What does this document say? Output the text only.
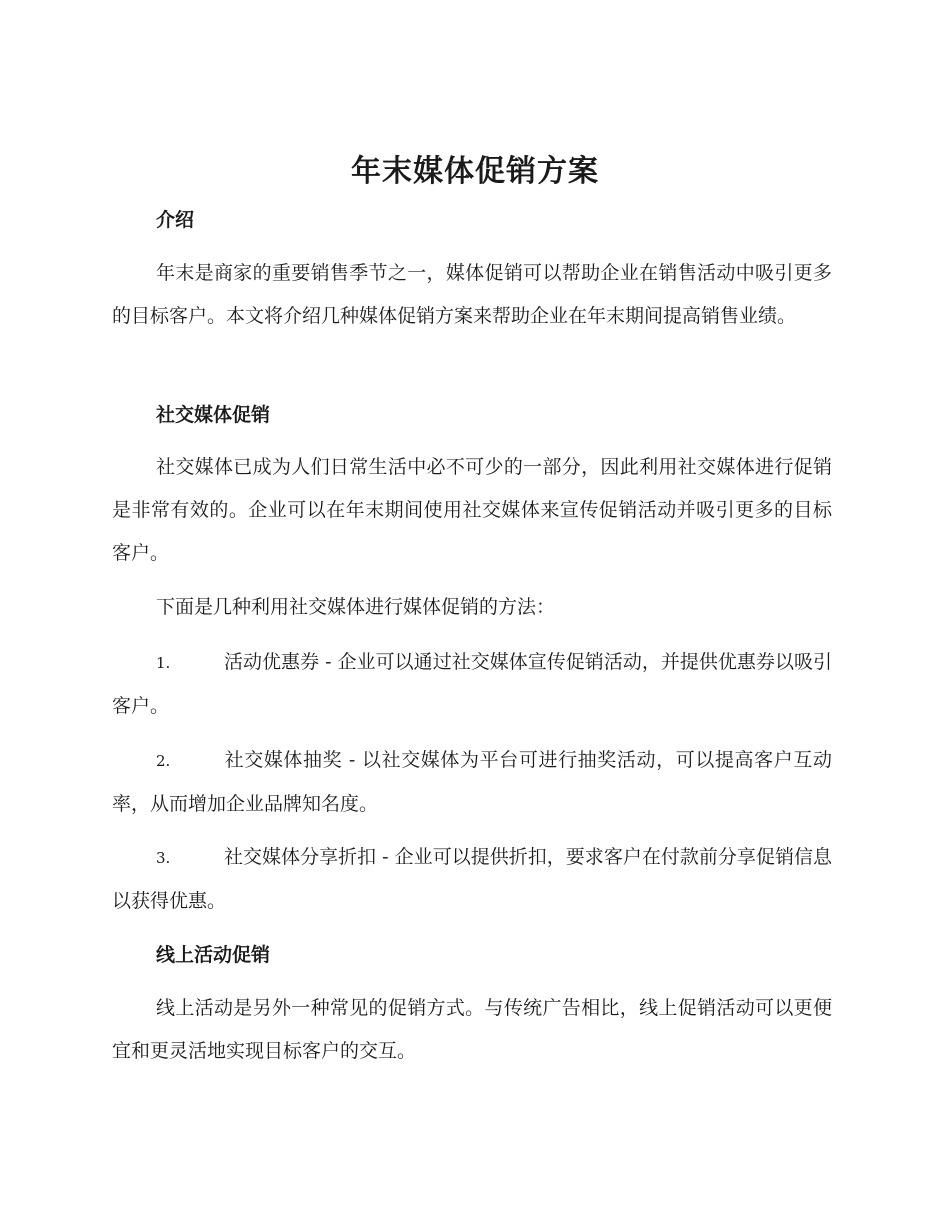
年末媒体促销方案
介绍

年末是商家的重要销售季节之一，媒体促销可以帮助企业在销售活动中吸引更多的目标客户。本文将介绍几种媒体促销方案来帮助企业在年末期间提高销售业绩。

社交媒体促销

社交媒体已成为人们日常生活中必不可少的一部分，因此利用社交媒体进行促销是非常有效的。企业可以在年末期间使用社交媒体来宣传促销活动并吸引更多的目标客户。

下面是几种利用社交媒体进行媒体促销的方法：

1.	活动优惠券 - 企业可以通过社交媒体宣传促销活动，并提供优惠券以吸引客户。

2.	社交媒体抽奖 - 以社交媒体为平台可进行抽奖活动，可以提高客户互动率，从而增加企业品牌知名度。

3.	社交媒体分享折扣 - 企业可以提供折扣，要求客户在付款前分享促销信息以获得优惠。

线上活动促销

线上活动是另外一种常见的促销方式。与传统广告相比，线上促销活动可以更便宜和更灵活地实现目标客户的交互。
